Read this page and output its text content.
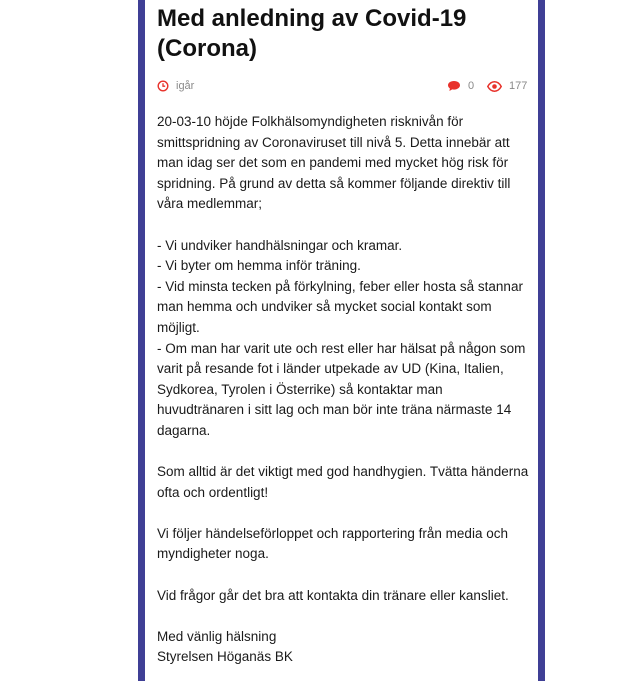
Med anledning av Covid-19 (Corona)
igår	0	177

20-03-10 höjde Folkhälsomyndigheten risknivån för smittspridning av Coronaviruset till nivå 5. Detta innebär att man idag ser det som en pandemi med mycket hög risk för spridning. På grund av detta så kommer följande direktiv till våra medlemmar;

- Vi undviker handhälsningar och kramar.
- Vi byter om hemma inför träning.
- Vid minsta tecken på förkylning, feber eller hosta så stannar man hemma och undviker så mycket social kontakt som möjligt.
- Om man har varit ute och rest eller har hälsat på någon som varit på resande fot i länder utpekade av UD (Kina, Italien, Sydkorea, Tyrolen i Österrike) så kontaktar man huvudtränaren i sitt lag och man bör inte träna närmaste 14 dagarna.

Som alltid är det viktigt med god handhygien. Tvätta händerna ofta och ordentligt!

Vi följer händelseförloppet och rapportering från media och myndigheter noga.

Vid frågor går det bra att kontakta din tränare eller kansliet.

Med vänlig hälsning
Styrelsen Höganäs BK
